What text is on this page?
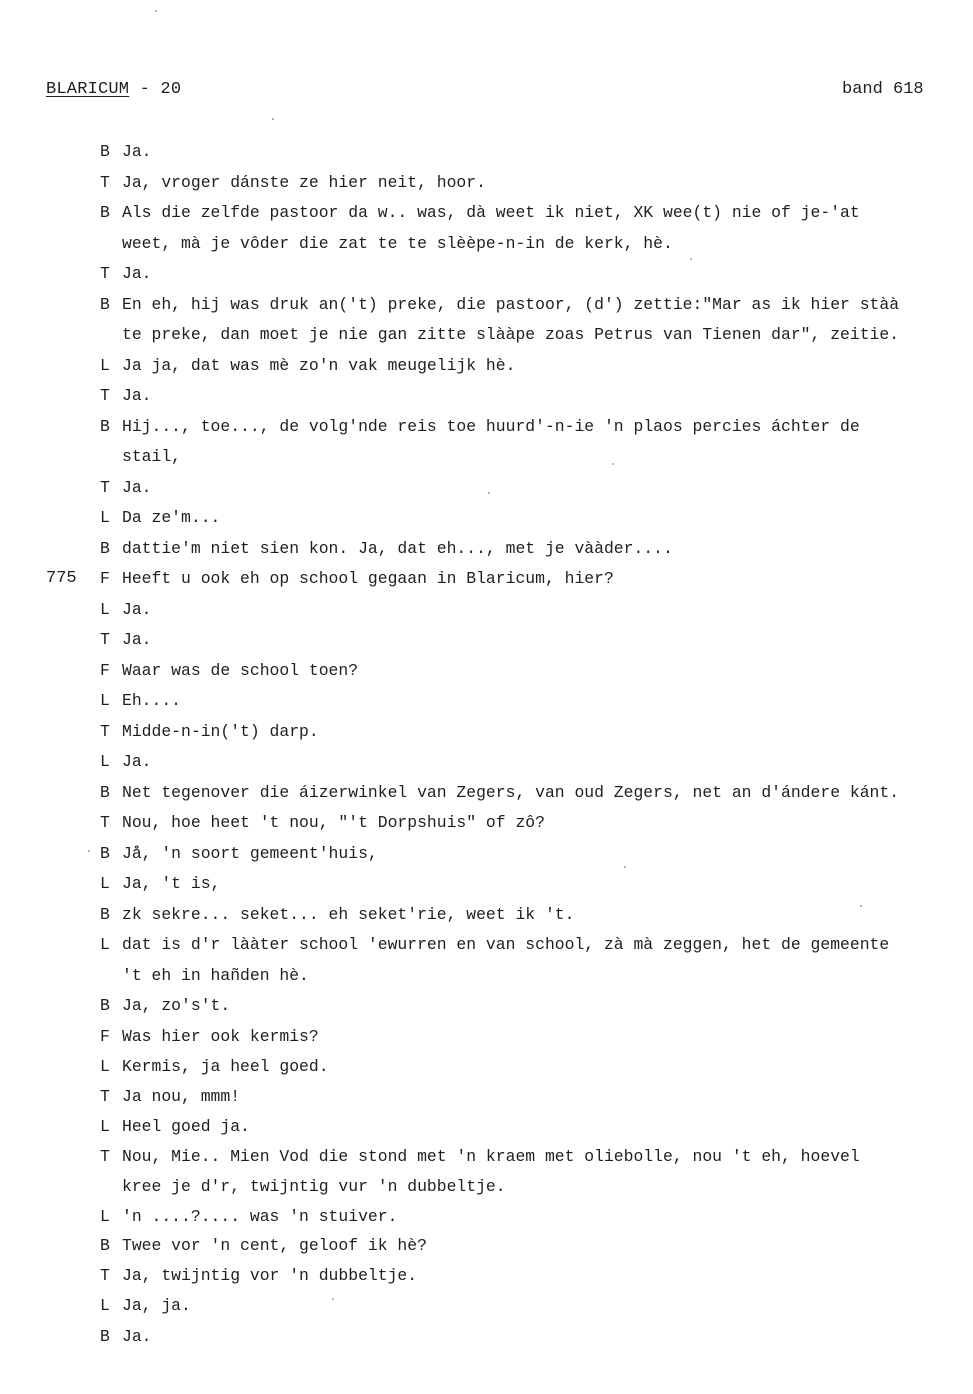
BLARICUM - 20	band 618
775
B Ja.
T Ja, vroger dánste ze hier neit, hoor.
B Als die zelfde pastoor da w.. was, dà weet ik niet, XK wee(t) nie of je-'at
weet, mà je vôder die zat te te slèèpe-n-in de kerk, hè.
T Ja.
B En eh, hij was druk an('t) preke, die pastoor, (d') zettie:"Mar as ik hier stàà
te preke, dan moet je nie gan zitte slààpe zoas Petrus van Tienen dar", zeitie.
L Ja ja, dat was mè zo'n vak meugelijk hè.
T Ja.
B Hij..., toe..., de volg'nde reis toe huurd'-n-ie 'n plaos percies áchter de
stail,
T Ja.
L Da ze'm...
B dattie'm niet sien kon. Ja, dat eh..., met je vààder....
F Heeft u ook eh op school gegaan in Blaricum, hier?
L Ja.
T Ja.
F Waar was de school toen?
L Eh....
T Midde-n-in('t) darp.
L Ja.
B Net tegenover die áizerwinkel van Zegers, van oud Zegers, net an d'ándere kánt.
T Nou, hoe heet 't nou, "'t Dorpshuis" of zô?
B Jå, 'n soort gemeent'huis,
L Ja, 't is,
B zk sekre... seket... eh seket'rie, weet ik 't.
L dat is d'r lààter school 'ewurren en van school, zà mà zeggen, het de gemeente
't eh in hañden hè.
B Ja, zo's't.
F Was hier ook kermis?
L Kermis, ja heel goed.
T Ja nou, mmm!
L Heel goed ja.
T Nou, Mie.. Mien Vod die stond met 'n kraem met oliebolle, nou 't eh, hoevel
kree je d'r, twijntig vur 'n dubbeltje.
L 'n ....?.... was 'n stuiver.
B Twee vor 'n cent, geloof ik hè?
T Ja, twijntig vor 'n dubbeltje.
L Ja, ja.
B Ja.
